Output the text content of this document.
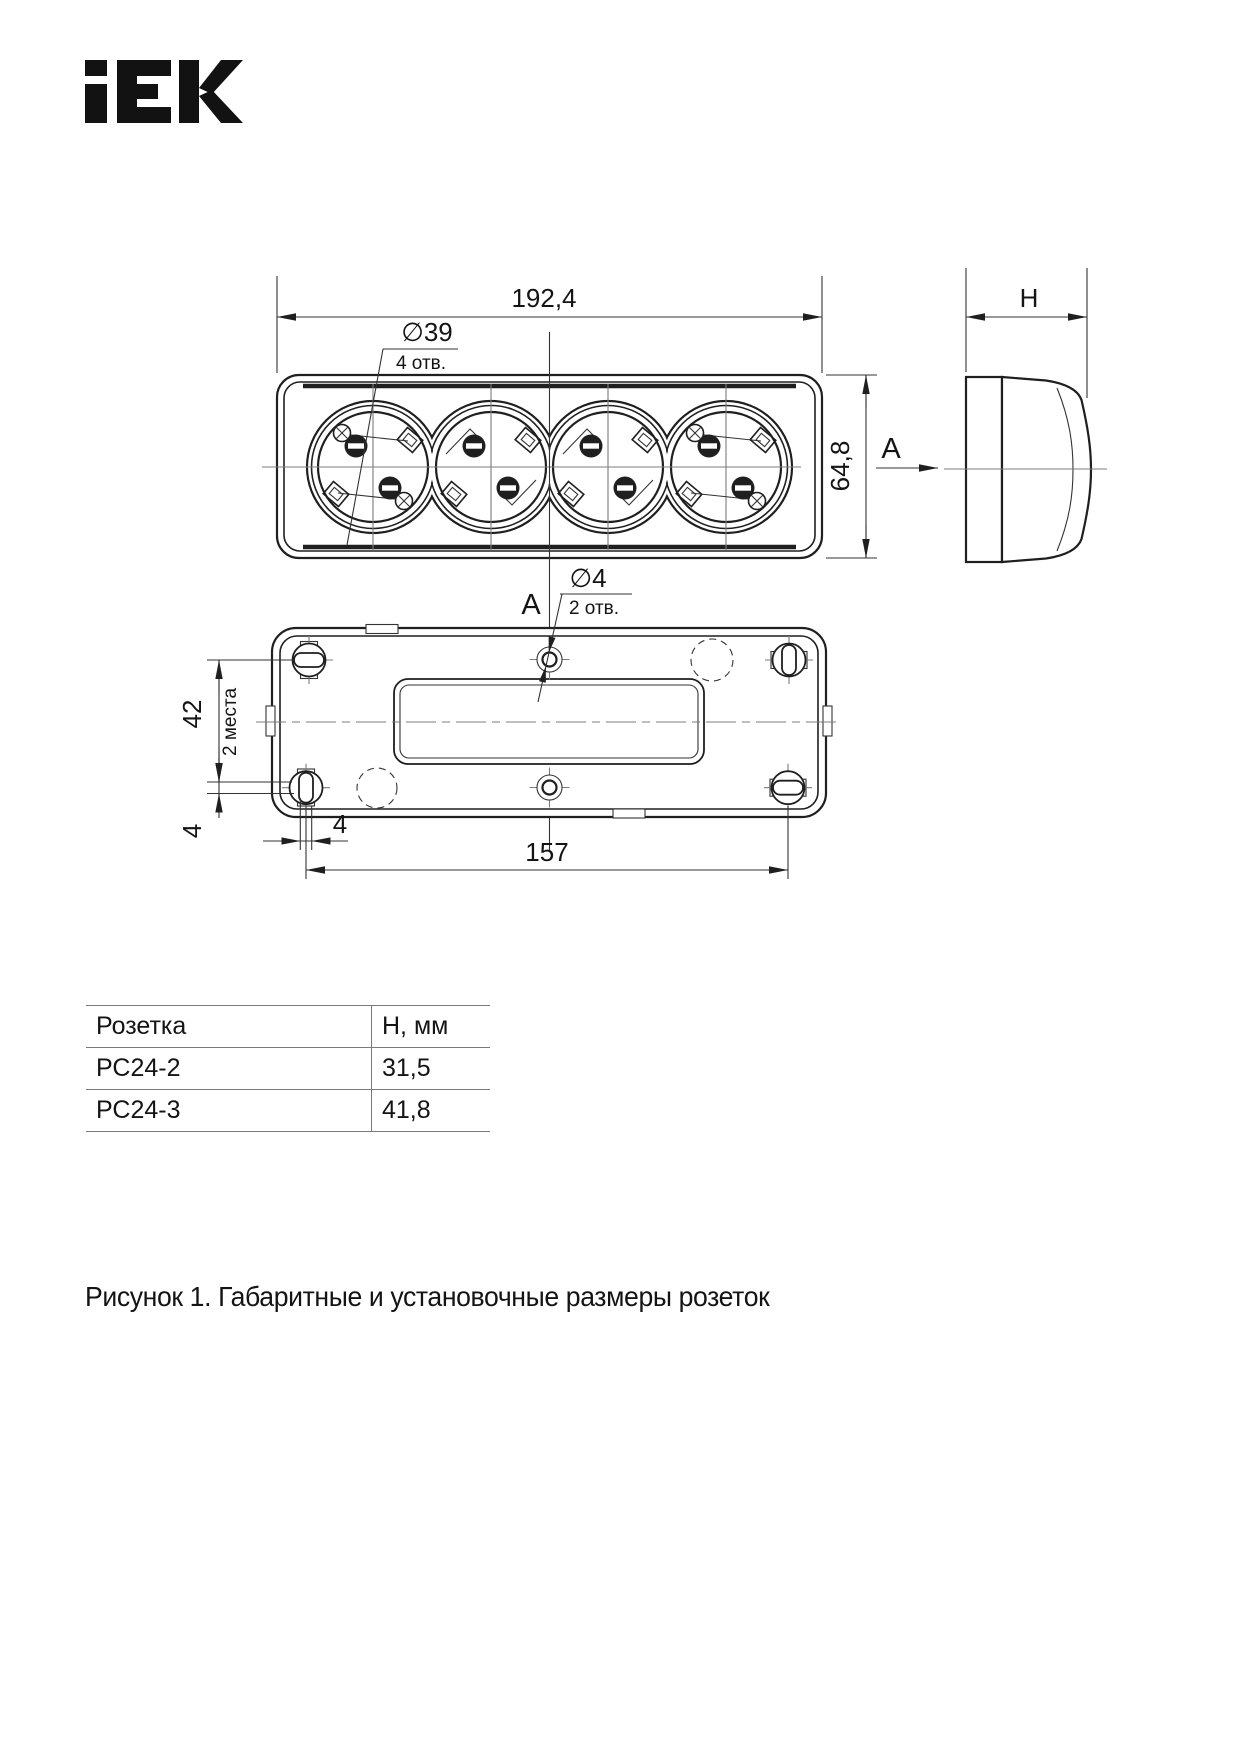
192,4
∅39
4 отв.
64,8 A
H
∅4
2 отв.
A
42 2 места
4	4
157
Розетка	Н, мм
РС24-2	31,5
РС24-3	41,8
Рисунок 1. Габаритные и установочные размеры розеток
